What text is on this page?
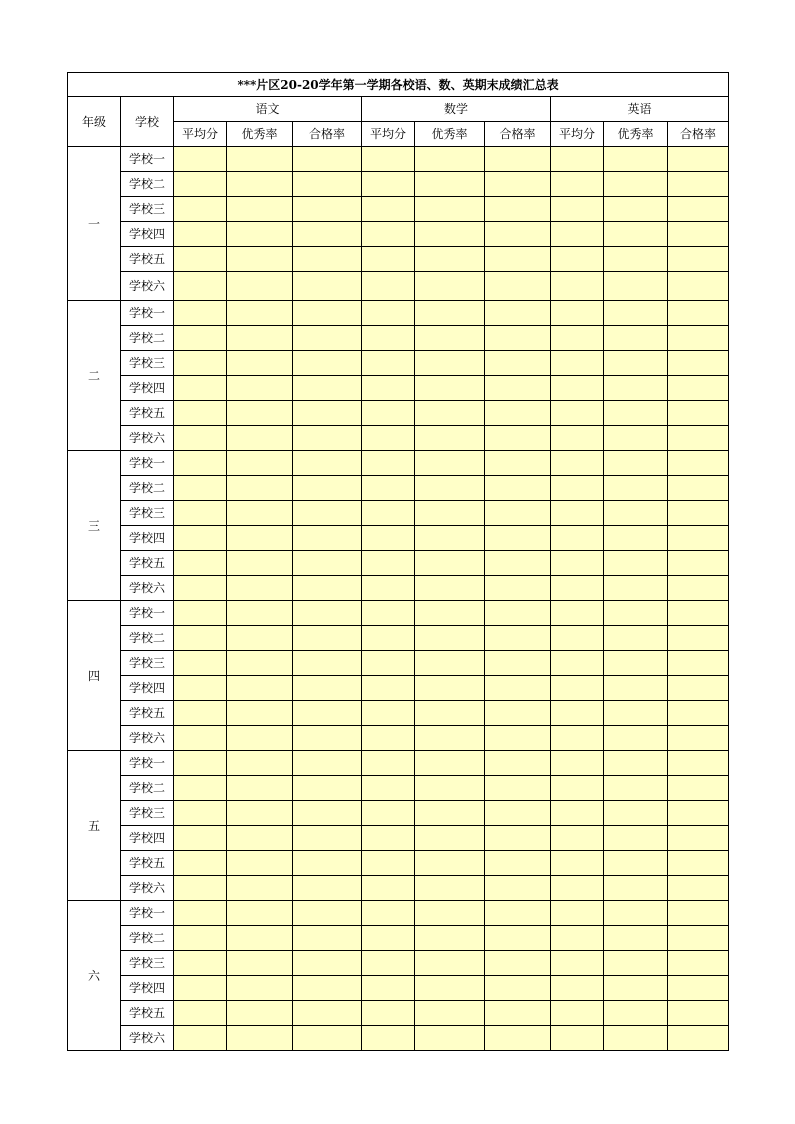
***片区20-20学年第一学期各校语、数、英期末成绩汇总表										
年级	学校	语文			数学			英语		
		平均分	优秀率	合格率	平均分	优秀率	合格率	平均分	优秀率	合格率
一	学校一									
	学校二									
	学校三									
	学校四									
	学校五									
	学校六									
二	学校一									
	学校二									
	学校三									
	学校四									
	学校五									
	学校六									
三	学校一									
	学校二									
	学校三									
	学校四									
	学校五									
	学校六									
四	学校一									
	学校二									
	学校三									
	学校四									
	学校五									
	学校六									
五	学校一									
	学校二									
	学校三									
	学校四									
	学校五									
	学校六									
六	学校一									
	学校二									
	学校三									
	学校四									
	学校五									
	学校六									
